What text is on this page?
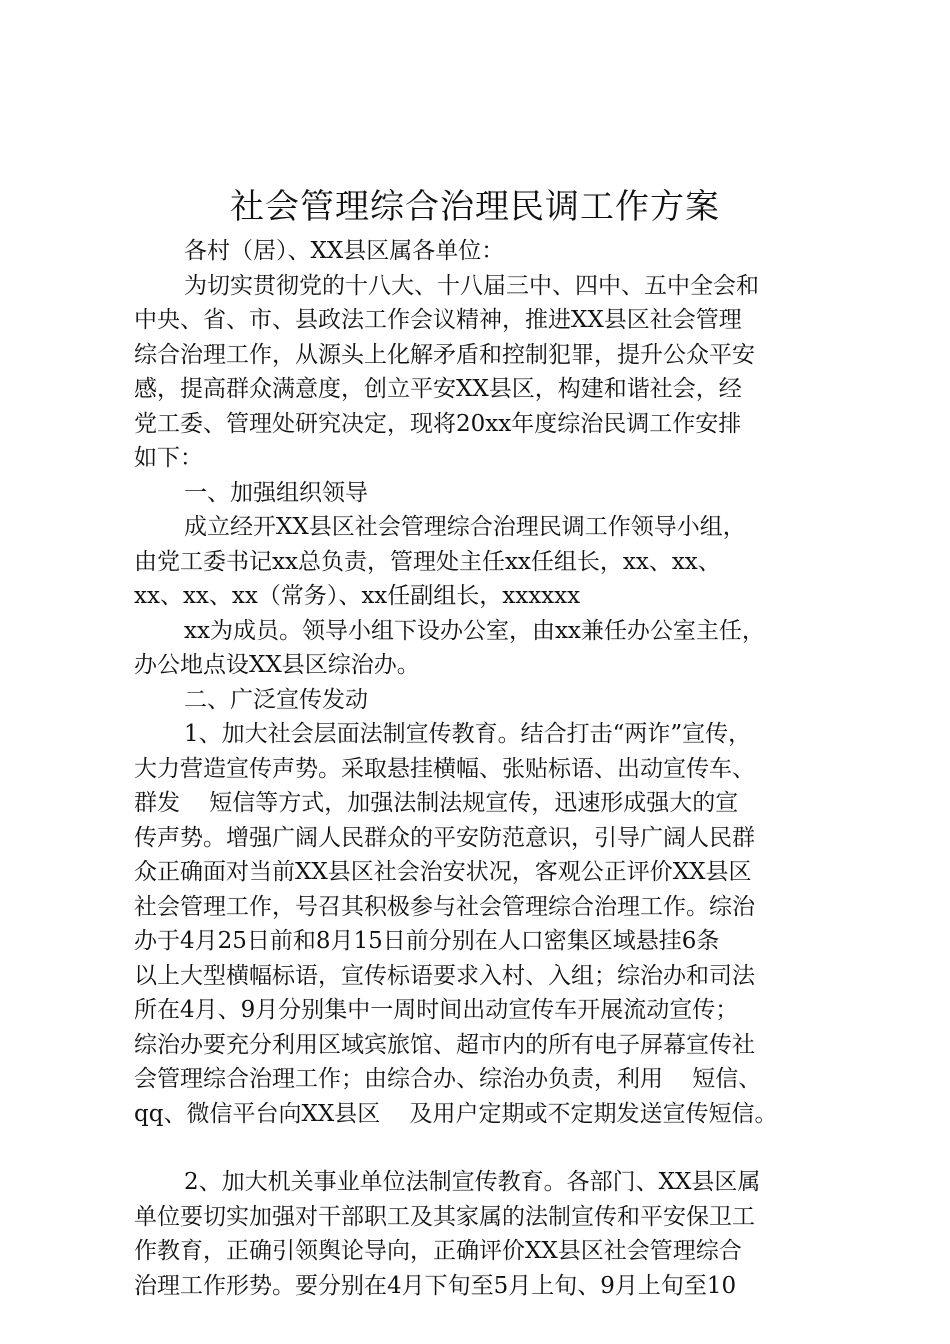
社会管理综合治理民调工作方案
各村（居）、XX县区属各单位：
为切实贯彻党的十八大、十八届三中、四中、五中全会和
中央、省、市、县政法工作会议精神，推进XX县区社会管理
综合治理工作，从源头上化解矛盾和控制犯罪，提升公众平安
感，提高群众满意度，创立平安XX县区，构建和谐社会，经
党工委、管理处研究决定，现将20xx年度综治民调工作安排
如下：
一、加强组织领导
成立经开XX县区社会管理综合治理民调工作领导小组，
由党工委书记xx总负责，管理处主任xx任组长，xx、xx、
xx、xx、xx（常务）、xx任副组长，xxxxxx
xx为成员。领导小组下设办公室，由xx兼任办公室主任，
办公地点设XX县区综治办。
二、广泛宣传发动
1、加大社会层面法制宣传教育。结合打击“两诈”宣传，
大力营造宣传声势。采取悬挂横幅、张贴标语、出动宣传车、
群发    短信等方式，加强法制法规宣传，迅速形成强大的宣
传声势。增强广阔人民群众的平安防范意识，引导广阔人民群
众正确面对当前XX县区社会治安状况，客观公正评价XX县区
社会管理工作，号召其积极参与社会管理综合治理工作。综治
办于4月25日前和8月15日前分别在人口密集区域悬挂6条
以上大型横幅标语，宣传标语要求入村、入组；综治办和司法
所在4月、9月分别集中一周时间出动宣传车开展流动宣传；
综治办要充分利用区域宾旅馆、超市内的所有电子屏幕宣传社
会管理综合治理工作；由综合办、综治办负责，利用    短信、
qq、微信平台向XX县区    及用户定期或不定期发送宣传短信。
2、加大机关事业单位法制宣传教育。各部门、XX县区属
单位要切实加强对干部职工及其家属的法制宣传和平安保卫工
作教育，正确引领舆论导向，正确评价XX县区社会管理综合
治理工作形势。要分别在4月下旬至5月上旬、9月上旬至10
